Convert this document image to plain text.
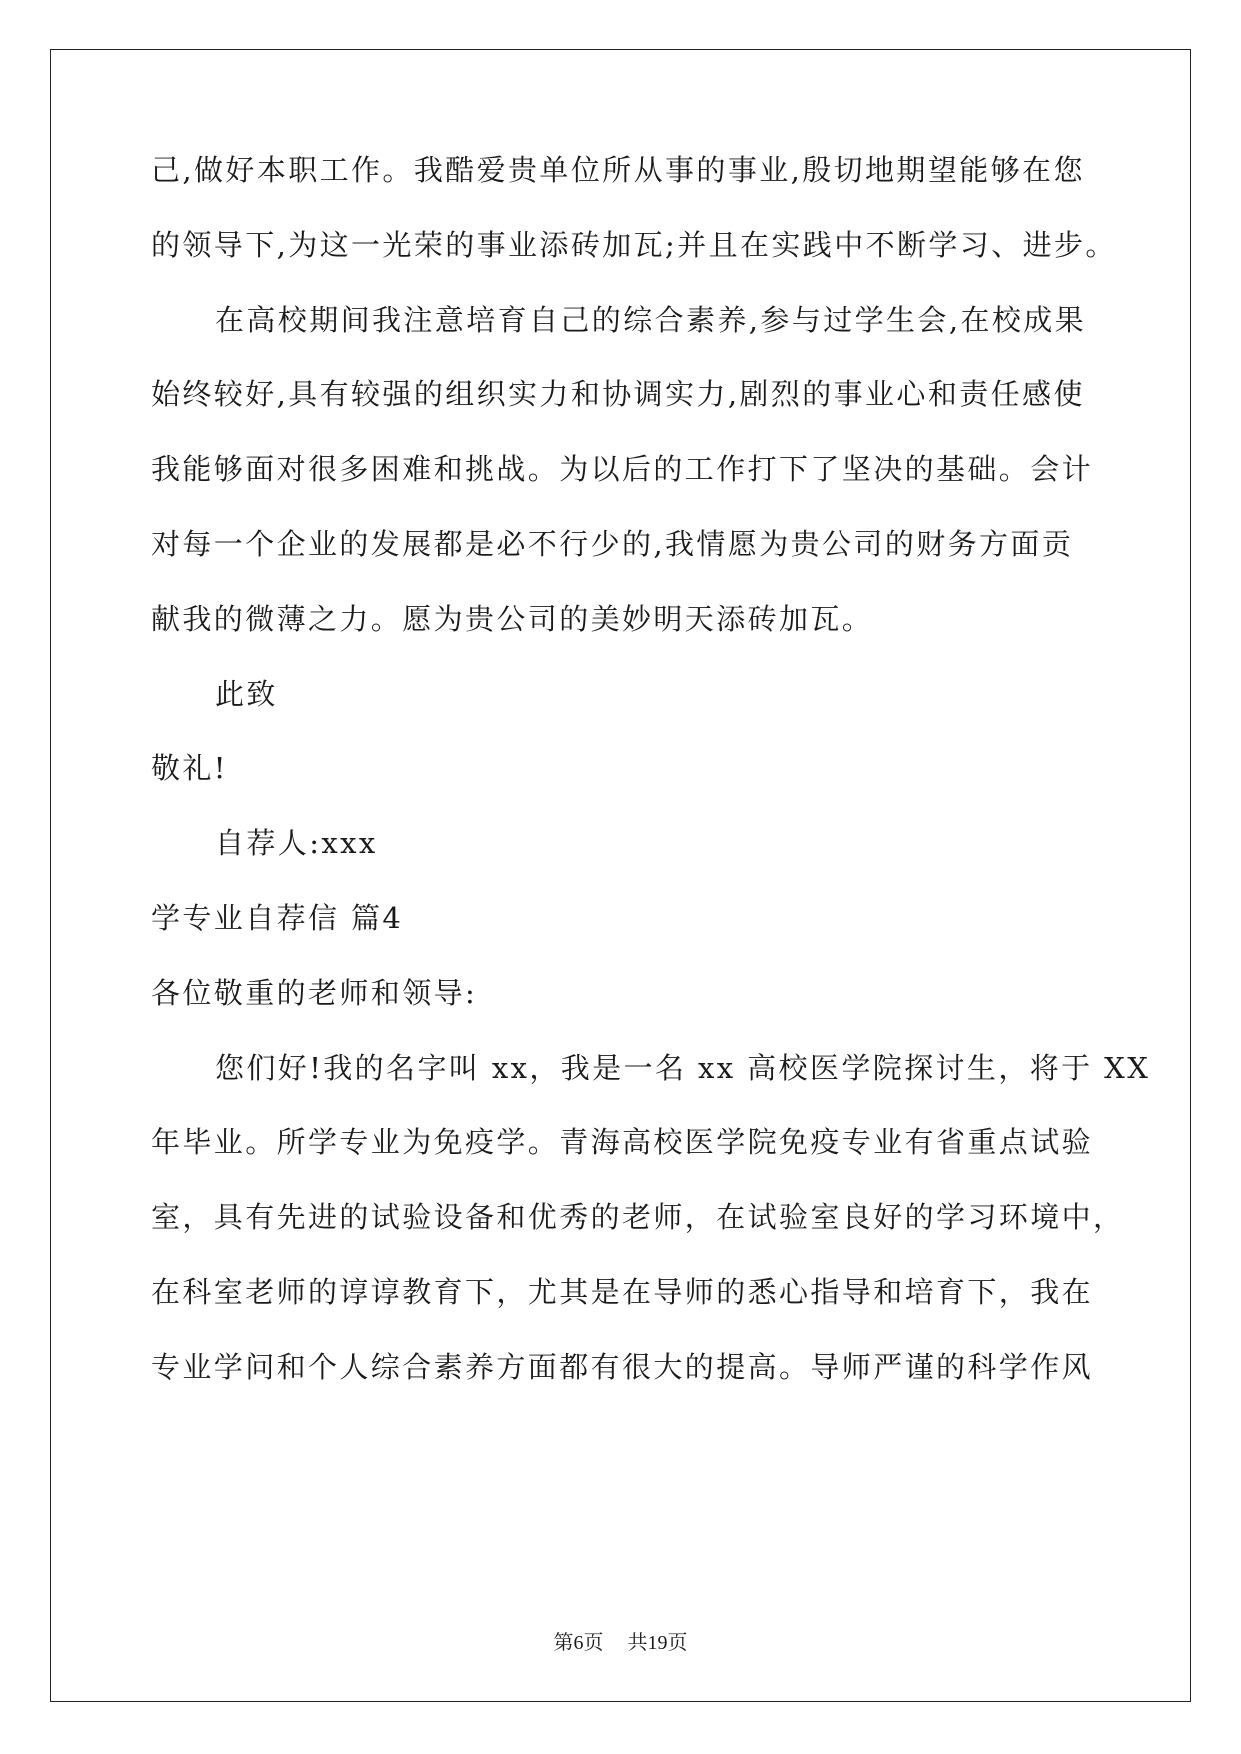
己,做好本职工作。我酷爱贵单位所从事的事业,殷切地期望能够在您
的领导下,为这一光荣的事业添砖加瓦;并且在实践中不断学习、进步。
在高校期间我注意培育自己的综合素养,参与过学生会,在校成果
始终较好,具有较强的组织实力和协调实力,剧烈的事业心和责任感使
我能够面对很多困难和挑战。为以后的工作打下了坚决的基础。会计
对每一个企业的发展都是必不行少的,我情愿为贵公司的财务方面贡
献我的微薄之力。愿为贵公司的美妙明天添砖加瓦。
此致
敬礼!
自荐人:xxx
学专业自荐信 篇4
各位敬重的老师和领导:
您们好!我的名字叫 xx，我是一名 xx 高校医学院探讨生，将于 XX
年毕业。所学专业为免疫学。青海高校医学院免疫专业有省重点试验
室，具有先进的试验设备和优秀的老师，在试验室良好的学习环境中，
在科室老师的谆谆教育下，尤其是在导师的悉心指导和培育下，我在
专业学问和个人综合素养方面都有很大的提高。导师严谨的科学作风
第6页 共19页
